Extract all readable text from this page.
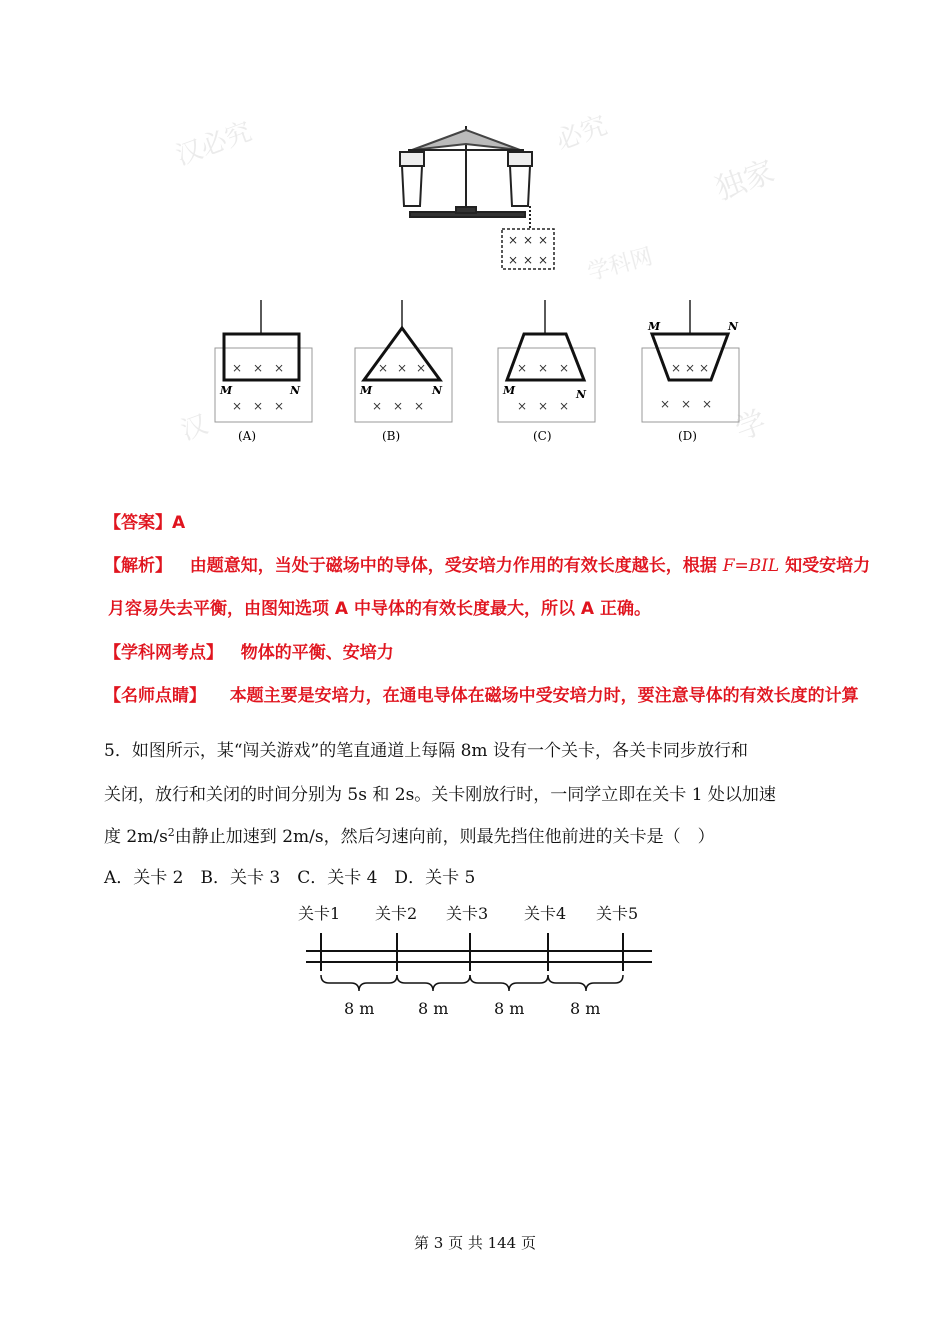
汉必究	必究
独家
学科网
汉	学
× × ×
× × ×
× × ×
× × ×
M	N
(A)
× × ×
× × ×
M	N
(B)
× × ×
× × ×
M	N
(C)
× × ×
× × ×
M	N
(D)
【答案】A
【解析】 由题意知，当处于磁场中的导体，受安培力作用的有效长度越长，根据 F=BIL 知受安培力
月容易失去平衡，由图知选项 A 中导体的有效长度最大，所以 A 正确。
【学科网考点】 物体的平衡、安培力
【名师点睛】 本题主要是安培力，在通电导体在磁场中受安培力时，要注意导体的有效长度的计算
5．如图所示，某“闯关游戏”的笔直通道上每隔 8m 设有一个关卡，各关卡同步放行和
关闭，放行和关闭的时间分别为 5s 和 2s。关卡刚放行时，一同学立即在关卡 1 处以加速
度 $2m/s^2$由静止加速到 2m/s，然后匀速向前，则最先挡住他前进的关卡是（　）
A．关卡 2　B．关卡 3　C．关卡 4　D．关卡 5
关卡1 关卡2 关卡3 关卡4 关卡5
8 m	8 m	8 m	8 m
第 3 页 共 144 页
